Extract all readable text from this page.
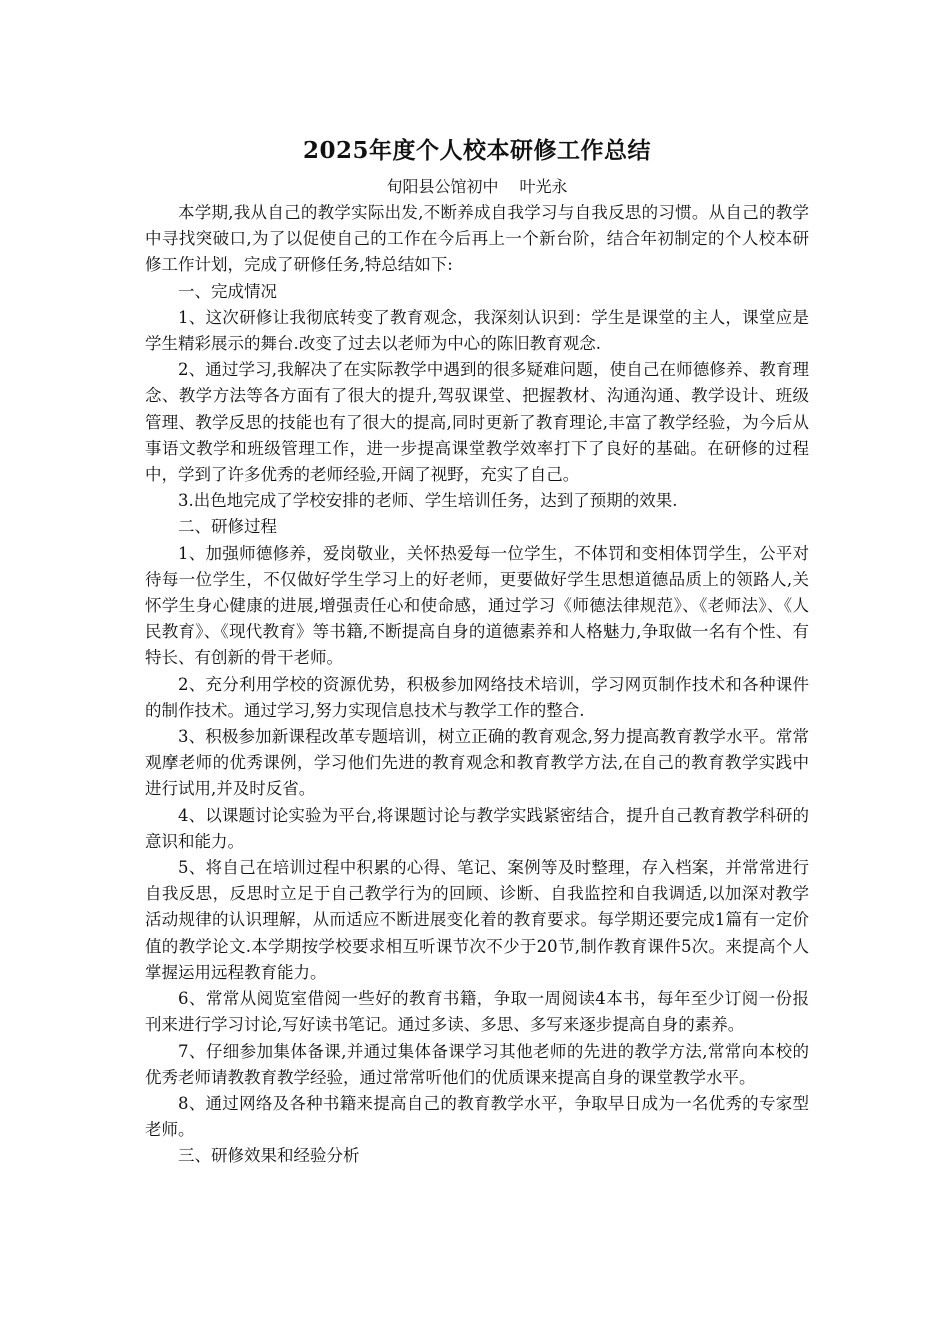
2025年度个人校本研修工作总结
旬阳县公馆初中　 叶光永

本学期,我从自己的教学实际出发,不断养成自我学习与自我反思的习惯。从自己的教学中寻找突破口,为了以促使自己的工作在今后再上一个新台阶，结合年初制定的个人校本研修工作计划，完成了研修任务,特总结如下:

一、完成情况

1、这次研修让我彻底转变了教育观念，我深刻认识到：学生是课堂的主人，课堂应是学生精彩展示的舞台.改变了过去以老师为中心的陈旧教育观念.

2、通过学习,我解决了在实际教学中遇到的很多疑难问题，使自己在师德修养、教育理念、教学方法等各方面有了很大的提升,驾驭课堂、把握教材、沟通沟通、教学设计、班级管理、教学反思的技能也有了很大的提高,同时更新了教育理论,丰富了教学经验，为今后从事语文教学和班级管理工作，进一步提高课堂教学效率打下了良好的基础。在研修的过程中，学到了许多优秀的老师经验,开阔了视野，充实了自己。

3.出色地完成了学校安排的老师、学生培训任务，达到了预期的效果.

二、研修过程

1、加强师德修养，爱岗敬业，关怀热爱每一位学生，不体罚和变相体罚学生，公平对待每一位学生，不仅做好学生学习上的好老师，更要做好学生思想道德品质上的领路人,关怀学生身心健康的进展,增强责任心和使命感，通过学习《师德法律规范》、《老师法》、《人民教育》、《现代教育》等书籍,不断提高自身的道德素养和人格魅力,争取做一名有个性、有特长、有创新的骨干老师。

2、充分利用学校的资源优势，积极参加网络技术培训，学习网页制作技术和各种课件的制作技术。通过学习,努力实现信息技术与教学工作的整合.

3、积极参加新课程改革专题培训，树立正确的教育观念,努力提高教育教学水平。常常观摩老师的优秀课例，学习他们先进的教育观念和教育教学方法,在自己的教育教学实践中进行试用,并及时反省。

4、以课题讨论实验为平台,将课题讨论与教学实践紧密结合，提升自己教育教学科研的意识和能力。

5、将自己在培训过程中积累的心得、笔记、案例等及时整理，存入档案，并常常进行自我反思，反思时立足于自己教学行为的回顾、诊断、自我监控和自我调适,以加深对教学活动规律的认识理解，从而适应不断进展变化着的教育要求。每学期还要完成1篇有一定价值的教学论文.本学期按学校要求相互听课节次不少于20节,制作教育课件5次。来提高个人掌握运用远程教育能力。

6、常常从阅览室借阅一些好的教育书籍，争取一周阅读4本书，每年至少订阅一份报刊来进行学习讨论,写好读书笔记。通过多读、多思、多写来逐步提高自身的素养。

7、仔细参加集体备课,并通过集体备课学习其他老师的先进的教学方法,常常向本校的优秀老师请教教育教学经验，通过常常听他们的优质课来提高自身的课堂教学水平。

8、通过网络及各种书籍来提高自己的教育教学水平，争取早日成为一名优秀的专家型老师。

三、研修效果和经验分析
